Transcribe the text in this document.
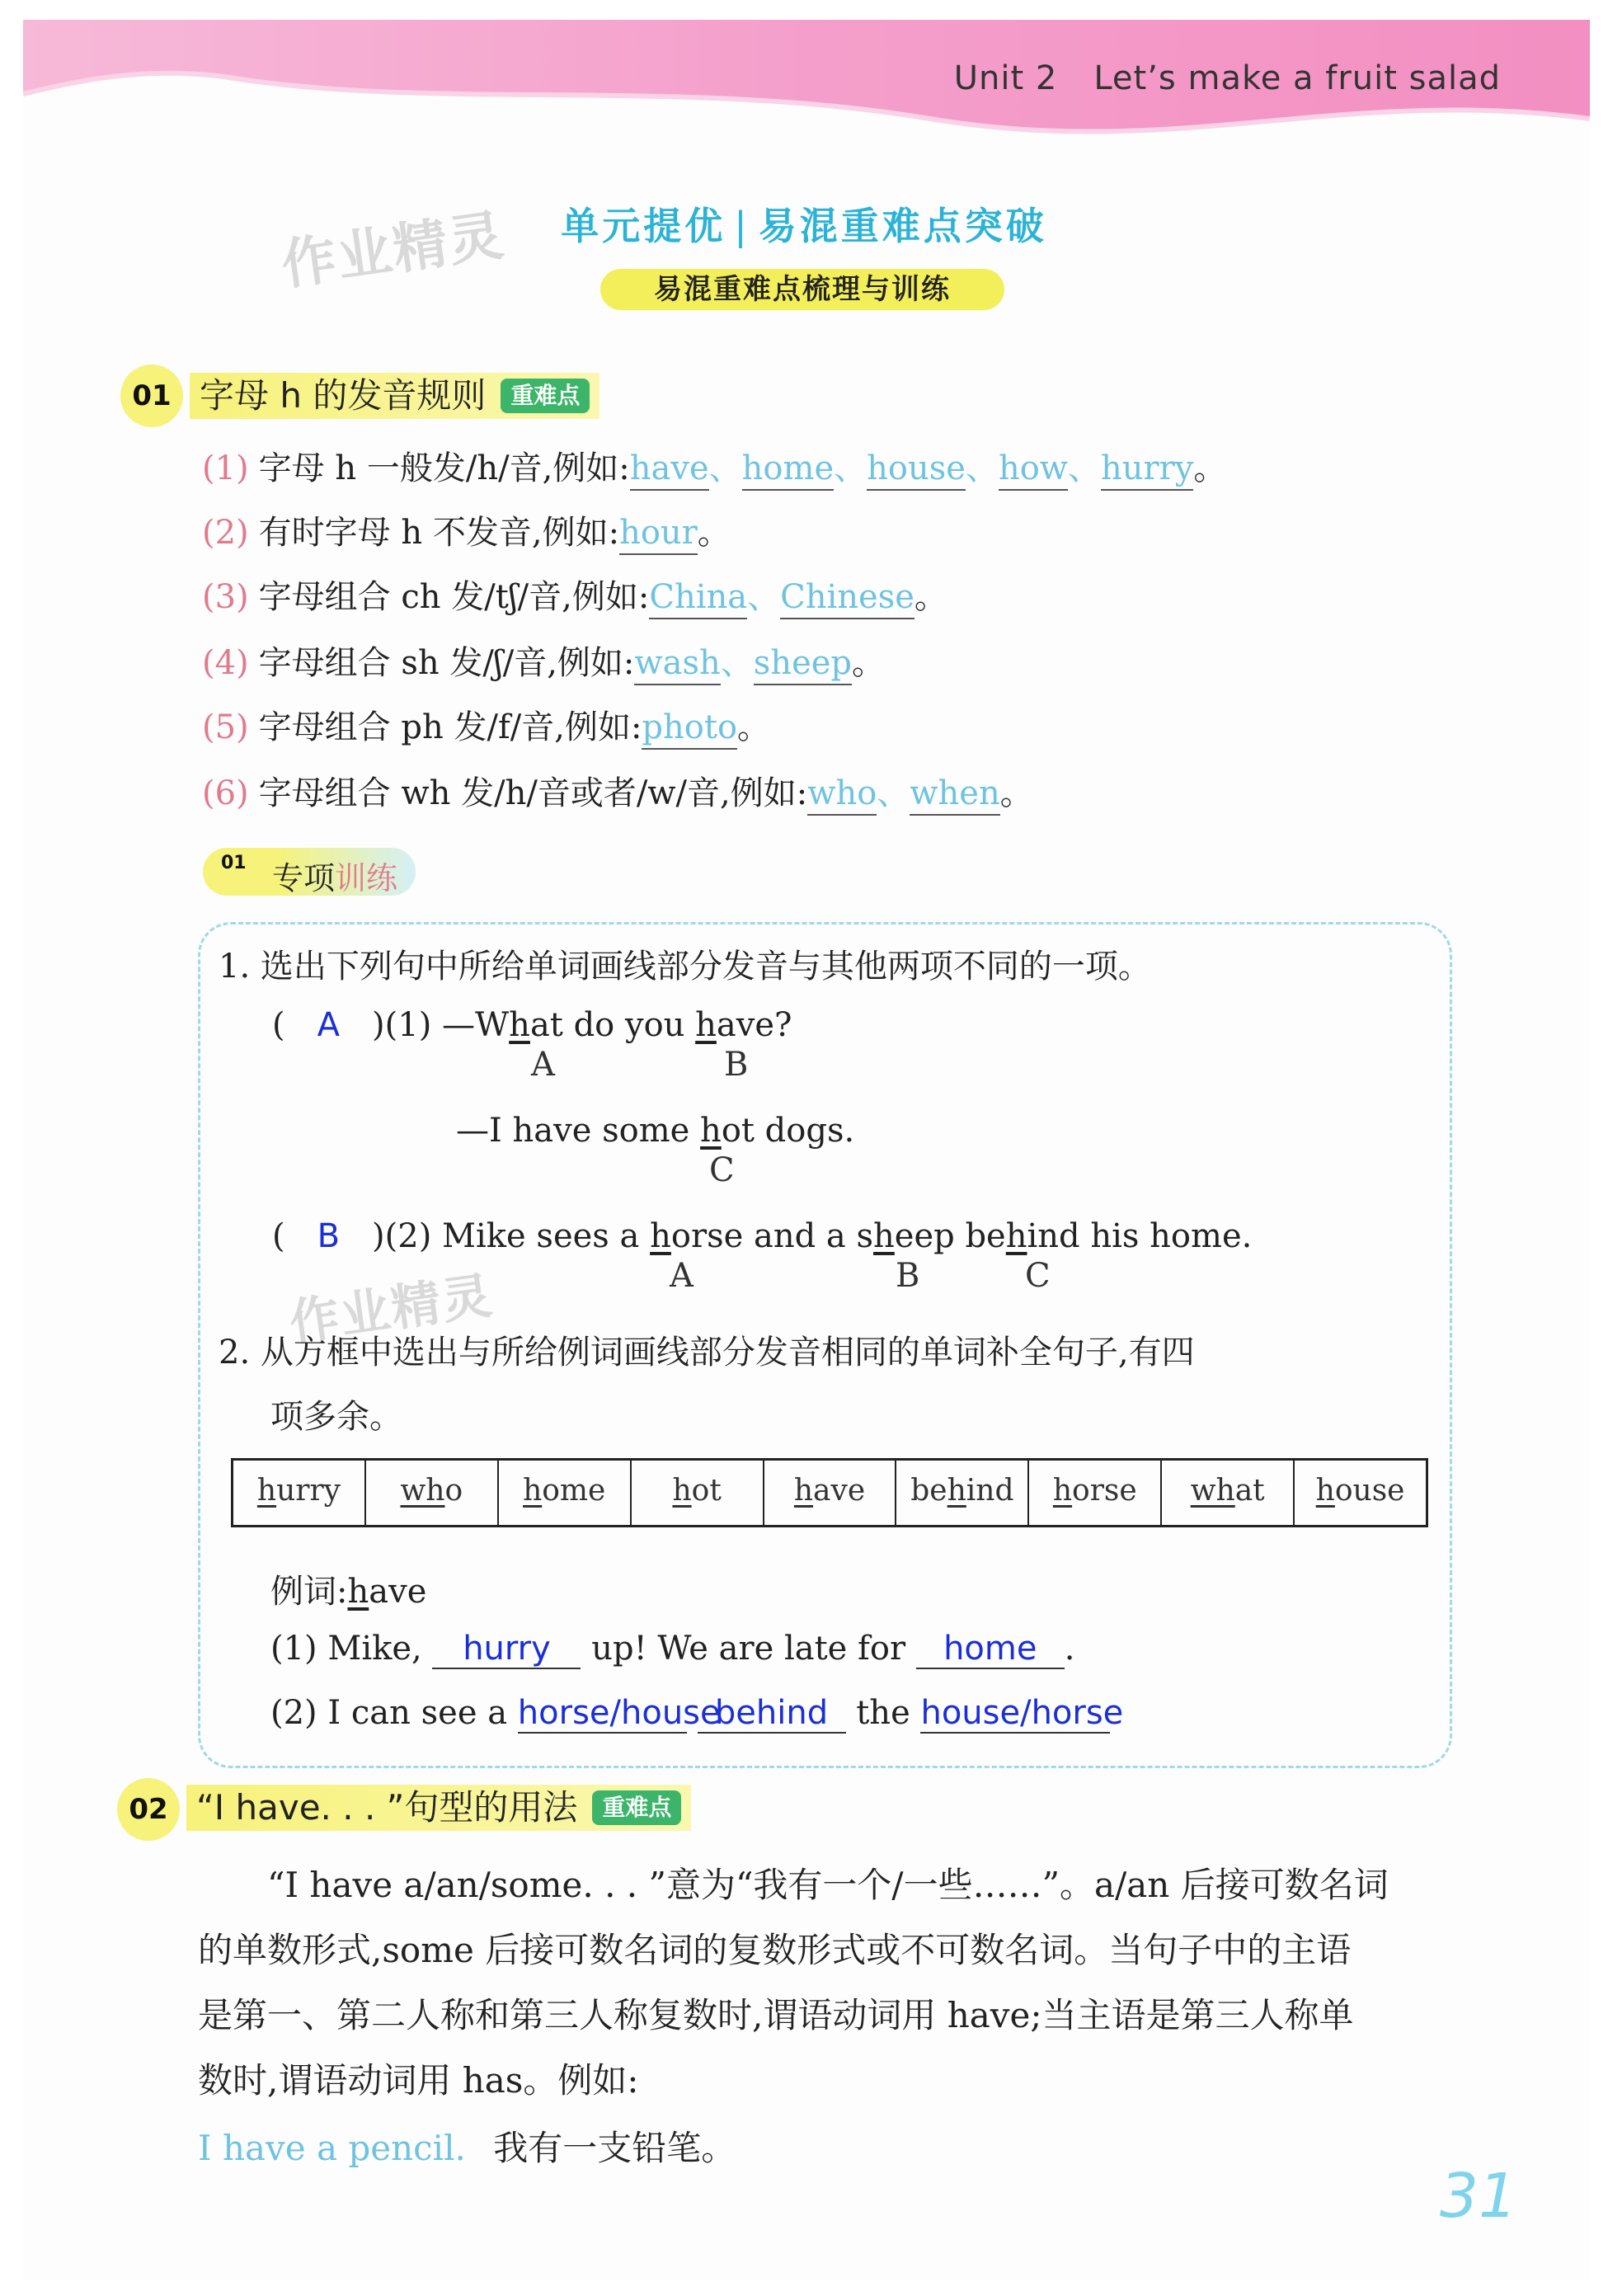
Unit 2 Let’s make a fruit salad
作业精灵
作业精灵
单元提优 | 易混重难点突破
易混重难点梳理与训练
01 字母 h 的发音规则 重难点
(1) 字母 h 一般发/h/音,例如:have、home、house、how、hurry。
(2) 有时字母 h 不发音,例如:hour。
(3) 字母组合 ch 发/tʃ/音,例如:China、Chinese。
(4) 字母组合 sh 发/ʃ/音,例如:wash、sheep。
(5) 字母组合 ph 发/f/音,例如:photo。
(6) 字母组合 wh 发/h/音或者/w/音,例如:who、when。
01 专项训练
1. 选出下列句中所给单词画线部分发音与其他两项不同的一项。
( A )(1) —What do you have?
A	B
—I have some hot dogs.
C
( B )(2) Mike sees a horse and a sheep behind his home.
A	B	C
2. 从方框中选出与所给例词画线部分发音相同的单词补全句子,有四
项多余。
hurry	who	home	hot	have	behind	horse	what	house
例词:have
(1) Mike, hurry up! We are late for home .
(2) I can see a horse/house behind the house/horse
02 “I have. . . ”句型的用法 重难点
“I have a/an/some. . . ”意为“我有一个/一些……”。a/an 后接可数名词
的单数形式,some 后接可数名词的复数形式或不可数名词。当句子中的主语
是第一、第二人称和第三人称复数时,谓语动词用 have;当主语是第三人称单
数时,谓语动词用 has。例如:
I have a pencil. 我有一支铅笔。
31
